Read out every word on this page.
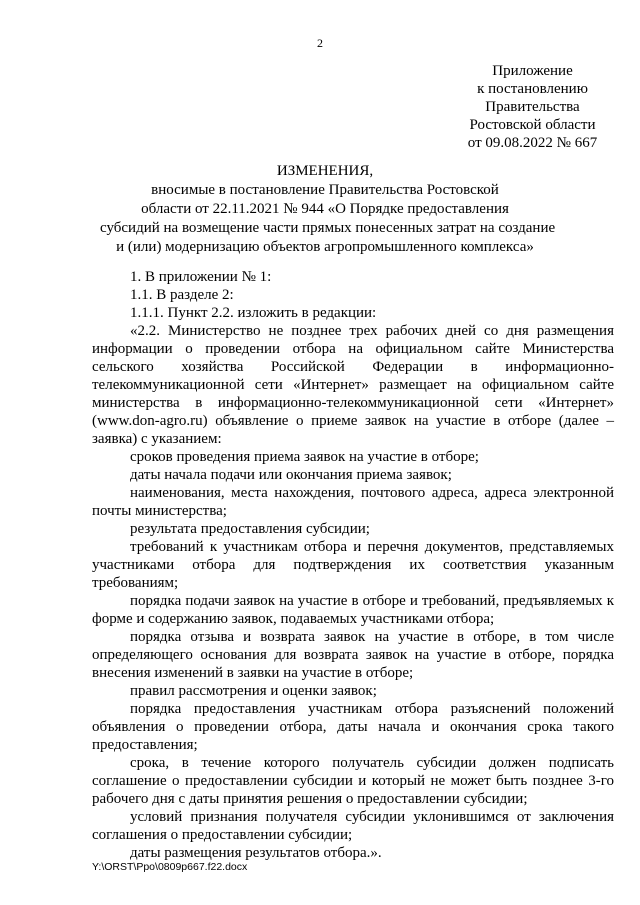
2
Приложение
к постановлению
Правительства
Ростовской области
от 09.08.2022 № 667
ИЗМЕНЕНИЯ,
вносимые в постановление Правительства Ростовской
области от 22.11.2021 № 944 «О Порядке предоставления
субсидий на возмещение части прямых понесенных затрат на создание
и (или) модернизацию объектов агропромышленного комплекса»

1. В приложении № 1:

1.1. В разделе 2:

1.1.1. Пункт 2.2. изложить в редакции:

«2.2. Министерство не позднее трех рабочих дней со дня размещения информации о проведении отбора на официальном сайте Министерства сельского хозяйства Российской Федерации в информационно-телекоммуникационной сети «Интернет» размещает на официальном сайте министерства в информационно-телекоммуникационной сети «Интернет» (www.don-agro.ru) объявление о приеме заявок на участие в отборе (далее – заявка) с указанием:

сроков проведения приема заявок на участие в отборе;

даты начала подачи или окончания приема заявок;

наименования, места нахождения, почтового адреса, адреса электронной почты министерства;

результата предоставления субсидии;

требований к участникам отбора и перечня документов, представляемых участниками отбора для подтверждения их соответствия указанным требованиям;

порядка подачи заявок на участие в отборе и требований, предъявляемых к форме и содержанию заявок, подаваемых участниками отбора;

порядка отзыва и возврата заявок на участие в отборе, в том числе определяющего основания для возврата заявок на участие в отборе, порядка внесения изменений в заявки на участие в отборе;

правил рассмотрения и оценки заявок;

порядка предоставления участникам отбора разъяснений положений объявления о проведении отбора, даты начала и окончания срока такого предоставления;

срока, в течение которого получатель субсидии должен подписать соглашение о предоставлении субсидии и который не может быть позднее 3-го рабочего дня с даты принятия решения о предоставлении субсидии;

условий признания получателя субсидии уклонившимся от заключения соглашения о предоставлении субсидии;

даты размещения результатов отбора.».

Y:\ORST\Ppo\0809p667.f22.docx
